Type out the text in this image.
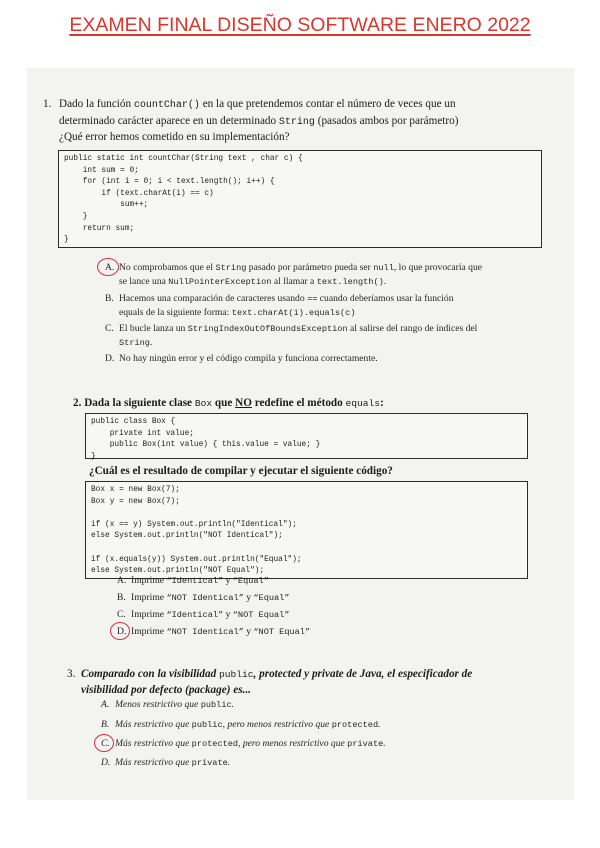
EXAMEN FINAL DISEÑO SOFTWARE ENERO 2022
1. Dado la función countChar() en la que pretendemos contar el número de veces que un
determinado carácter aparece en un determinado String (pasados ambos por parámetro)
¿Qué error hemos cometido en su implementación?
public static int countChar(String text , char c) {
int sum = 0;
for (int i = 0; i < text.length(); i++) {
if (text.charAt(i) == c)
sum++;
}
return sum;
}
A. No comprobamos que el String pasado por parámetro pueda ser null, lo que provocaría que
se lance una NullPointerException al llamar a text.length().
B. Hacemos una comparación de caracteres usando == cuando deberíamos usar la función
equals de la siguiente forma: text.charAt(i).equals(c)
C. El bucle lanza un StringIndexOutOfBoundsException al salirse del rango de índices del
String.
D. No hay ningún error y el código compila y funciona correctamente.
2. Dada la siguiente clase Box que NO redefine el método equals:
public class Box {
private int value;
public Box(int value) { this.value = value; }
}
¿Cuál es el resultado de compilar y ejecutar el siguiente código?
Box x = new Box(7);
Box y = new Box(7);

if (x == y) System.out.println("Identical");
else System.out.println("NOT Identical");

if (x.equals(y)) System.out.println("Equal");
else System.out.println("NOT Equal");
A. Imprime “Identical” y “Equal”
B. Imprime “NOT Identical” y “Equal”
C. Imprime “Identical” y “NOT Equal”
D. Imprime “NOT Identical” y “NOT Equal”
3. Comparado con la visibilidad public, protected y private de Java, el especificador de
visibilidad por defecto (package) es...
A. Menos restrictivo que public.
B. Más restrictivo que public, pero menos restrictivo que protected.
C. Más restrictivo que protected, pero menos restrictivo que private.
D. Más restrictivo que private.
